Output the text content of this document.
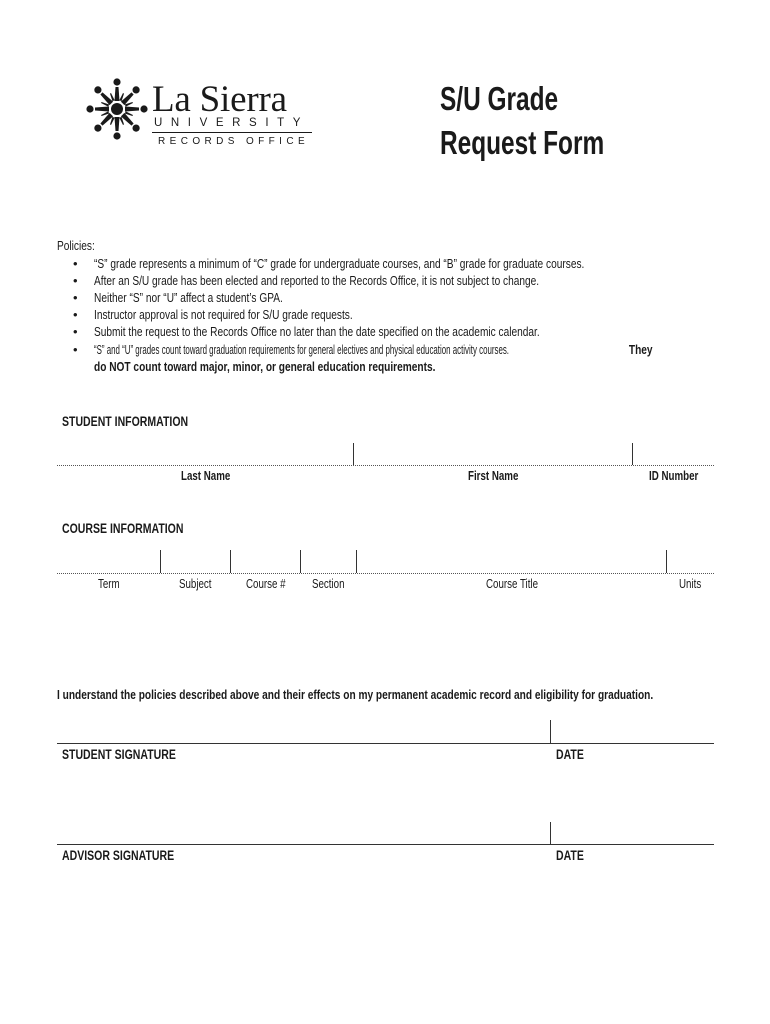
La Sierra
UNIVERSITY
RECORDS OFFICE
S/U Grade
Request Form
Policies:
• “S” grade represents a minimum of “C” grade for undergraduate courses, and “B” grade for graduate courses.
• After an S/U grade has been elected and reported to the Records Office, it is not subject to change.
• Neither “S” nor “U” affect a student’s GPA.
• Instructor approval is not required for S/U grade requests.
• Submit the request to the Records Office no later than the date specified on the academic calendar.
• “S” and “U” grades count toward graduation requirements for general electives and physical education activity courses.	They
do NOT count toward major, minor, or general education requirements.
STUDENT INFORMATION
Last Name	First Name	ID Number
COURSE INFORMATION
Term	Subject	Course #	Section	Course Title	Units
I understand the policies described above and their effects on my permanent academic record and eligibility for graduation.
STUDENT SIGNATURE	DATE
ADVISOR SIGNATURE	DATE
